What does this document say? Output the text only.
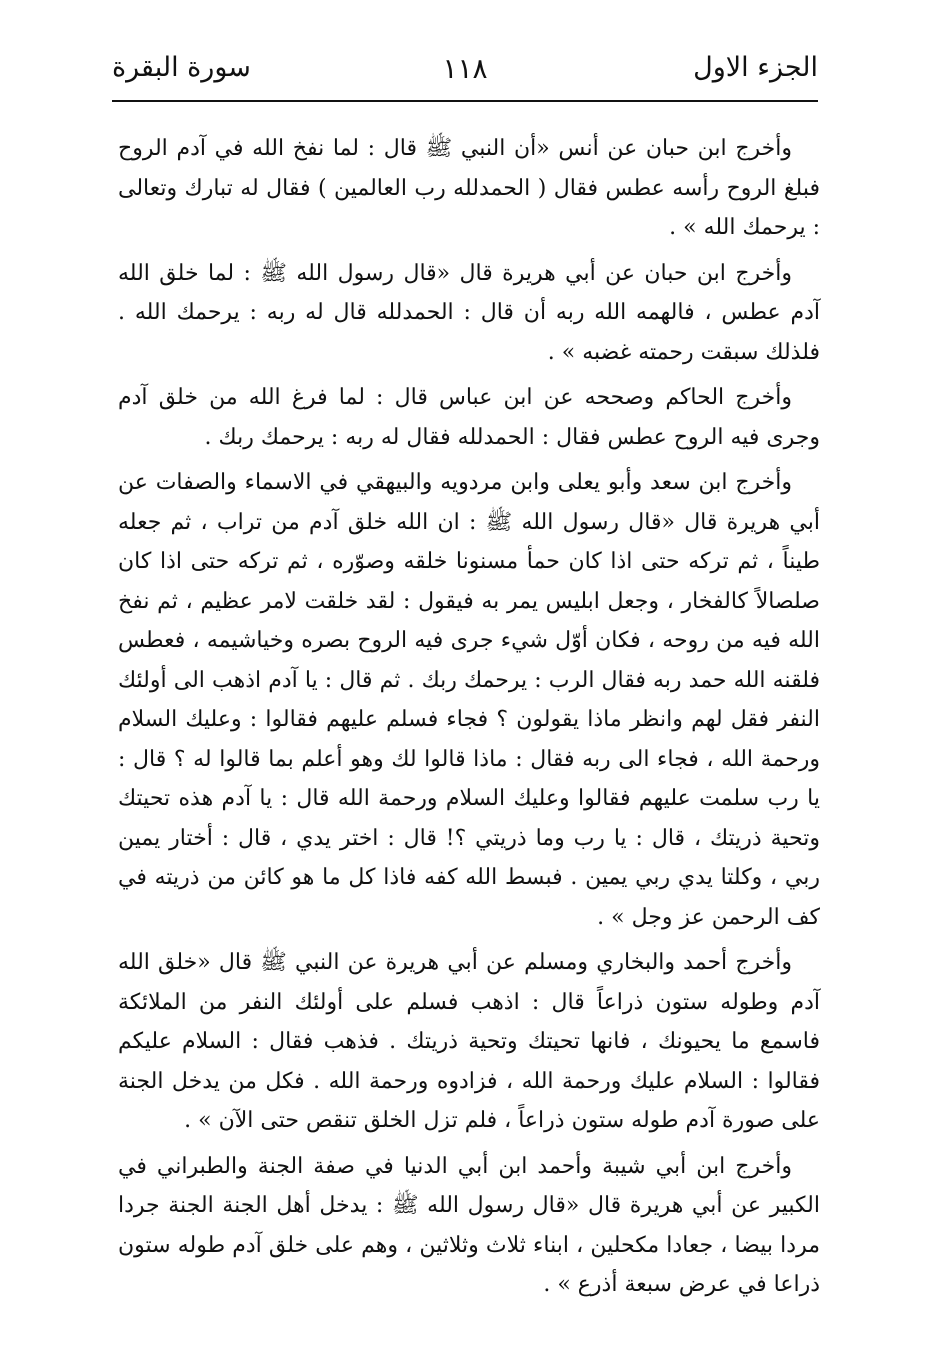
الجزء الاول
١١٨
سورة البقرة

وأخرج ابن حبان عن أنس «أن النبي ﷺ قال : لما نفخ الله في آدم الروح فبلغ الروح رأسه عطس فقال ( الحمدلله رب العالمين ) فقال له تبارك وتعالى : يرحمك الله » .

وأخرج ابن حبان عن أبي هريرة قال «قال رسول الله ﷺ : لما خلق الله آدم عطس ، فالهمه الله ربه أن قال : الحمدلله قال له ربه : يرحمك الله . فلذلك سبقت رحمته غضبه » .

وأخرج الحاكم وصححه عن ابن عباس قال : لما فرغ الله من خلق آدم وجرى فيه الروح عطس فقال : الحمدلله فقال له ربه : يرحمك ربك .

وأخرج ابن سعد وأبو يعلى وابن مردويه والبيهقي في الاسماء والصفات عن أبي هريرة قال «قال رسول الله ﷺ : ان الله خلق آدم من تراب ، ثم جعله طيناً ، ثم تركه حتى اذا كان حمأ مسنونا خلقه وصوّره ، ثم تركه حتى اذا كان صلصالاً كالفخار ، وجعل ابليس يمر به فيقول : لقد خلقت لامر عظيم ، ثم نفخ الله فيه من روحه ، فكان أوّل شيء جرى فيه الروح بصره وخياشيمه ، فعطس فلقنه الله حمد ربه فقال الرب : يرحمك ربك . ثم قال : يا آدم اذهب الى أولئك النفر فقل لهم وانظر ماذا يقولون ؟ فجاء فسلم عليهم فقالوا : وعليك السلام ورحمة الله ، فجاء الى ربه فقال : ماذا قالوا لك وهو أعلم بما قالوا له ؟ قال : يا رب سلمت عليهم فقالوا وعليك السلام ورحمة الله قال : يا آدم هذه تحيتك وتحية ذريتك ، قال : يا رب وما ذريتي ؟! قال : اختر يدي ، قال : أختار يمين ربي ، وكلتا يدي ربي يمين . فبسط الله كفه فاذا كل ما هو كائن من ذريته في كف الرحمن عز وجل » .

وأخرج أحمد والبخاري ومسلم عن أبي هريرة عن النبي ﷺ قال «خلق الله آدم وطوله ستون ذراعاً قال : اذهب فسلم على أولئك النفر من الملائكة فاسمع ما يحيونك ، فانها تحيتك وتحية ذريتك . فذهب فقال : السلام عليكم فقالوا : السلام عليك ورحمة الله ، فزادوه ورحمة الله . فكل من يدخل الجنة على صورة آدم طوله ستون ذراعاً ، فلم تزل الخلق تنقص حتى الآن » .

وأخرج ابن أبي شيبة وأحمد ابن أبي الدنيا في صفة الجنة والطبراني في الكبير عن أبي هريرة قال «قال رسول الله ﷺ : يدخل أهل الجنة الجنة جردا مردا بيضا ، جعادا مكحلين ، ابناء ثلاث وثلاثين ، وهم على خلق آدم طوله ستون ذراعا في عرض سبعة أذرع » .
